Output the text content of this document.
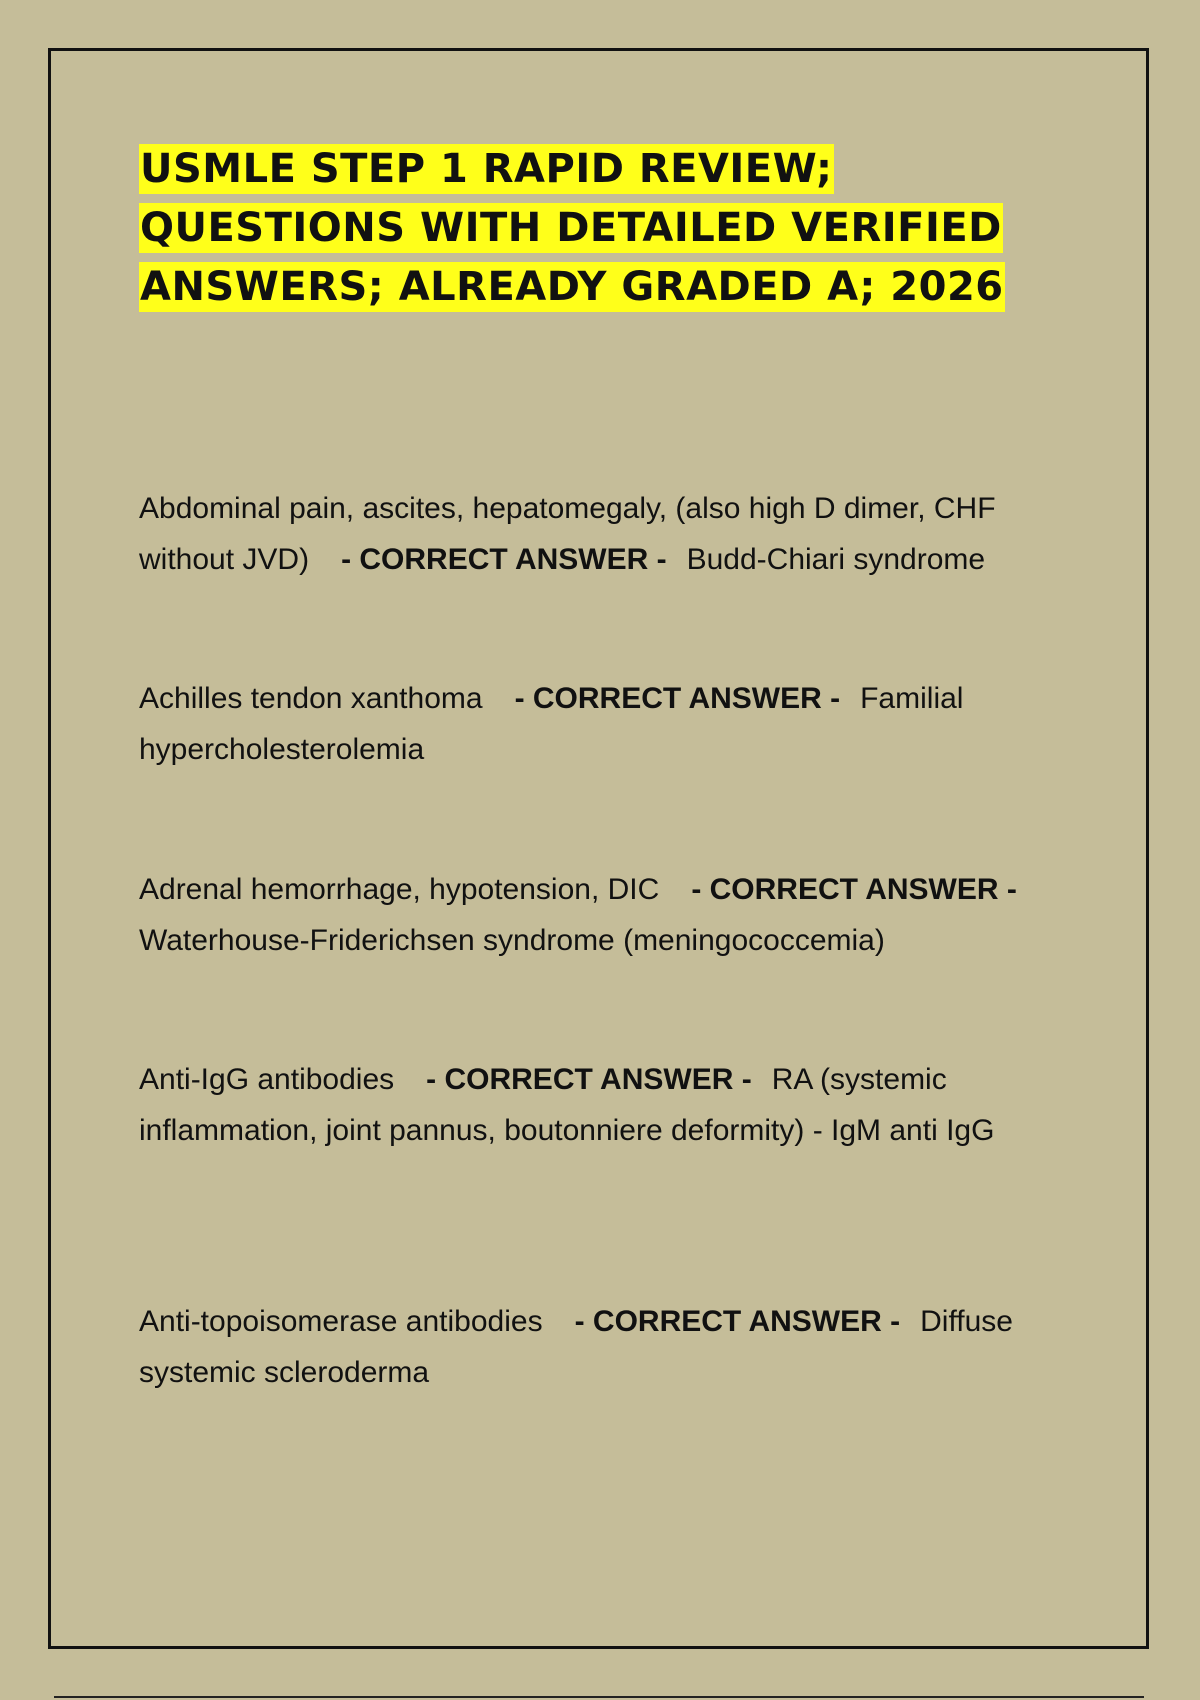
USMLE STEP 1 RAPID REVIEW; QUESTIONS WITH DETAILED VERIFIED ANSWERS; ALREADY GRADED A; 2026

Abdominal pain, ascites, hepatomegaly, (also high D dimer, CHF without JVD) - CORRECT ANSWER - Budd-Chiari syndrome

Achilles tendon xanthoma - CORRECT ANSWER - Familial hypercholesterolemia

Adrenal hemorrhage, hypotension, DIC - CORRECT ANSWER -Waterhouse-Friderichsen syndrome (meningococcemia)

Anti-IgG antibodies - CORRECT ANSWER - RA (systemic inflammation, joint pannus, boutonniere deformity) - IgM anti IgG

Anti-topoisomerase antibodies - CORRECT ANSWER - Diffuse systemic scleroderma
